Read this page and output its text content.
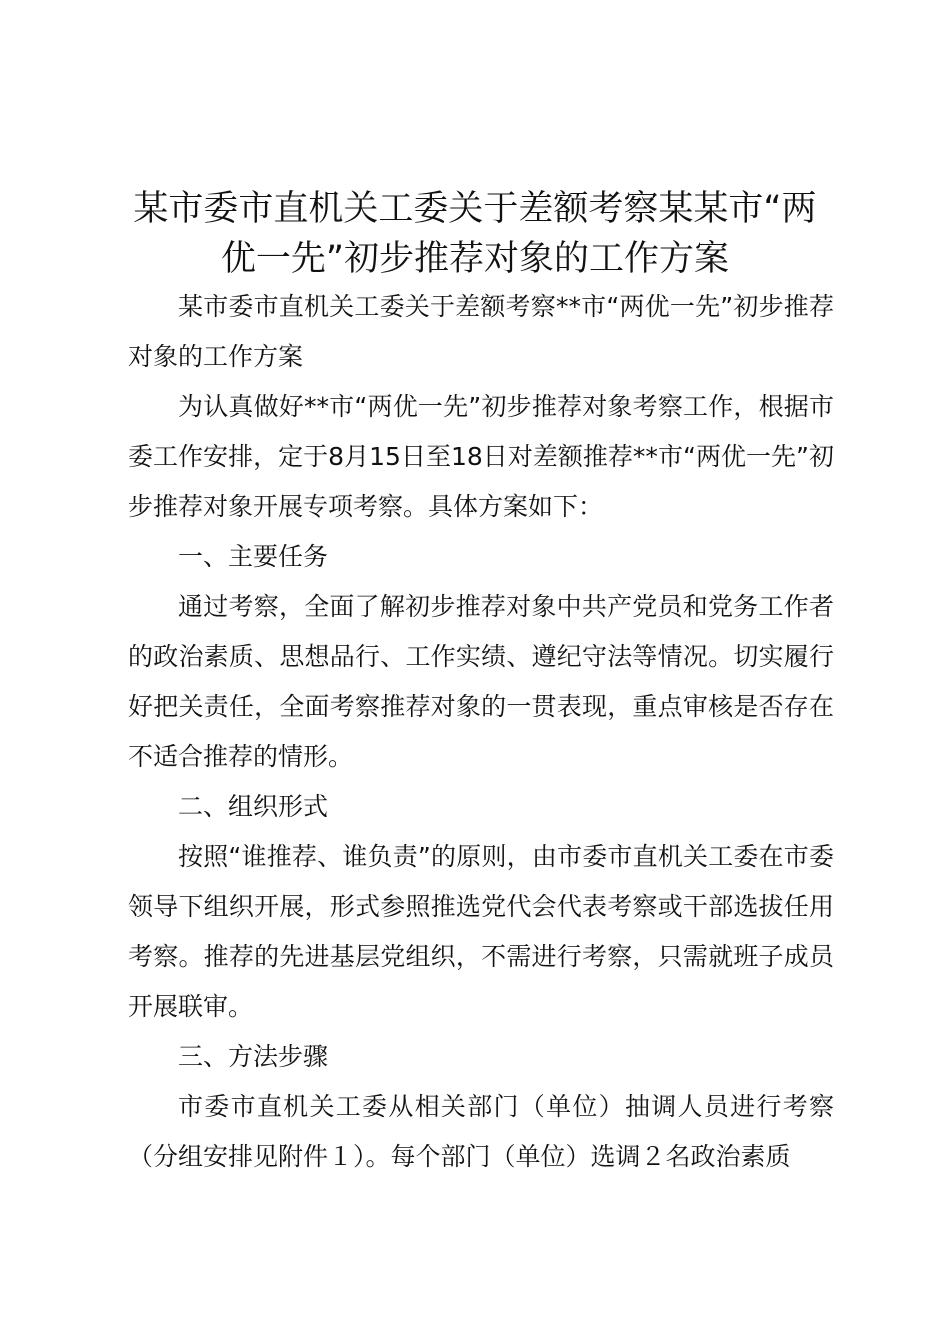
某市委市直机关工委关于差额考察某某市“两优一先”初步推荐对象的工作方案

某市委市直机关工委关于差额考察**市“两优一先”初步推荐对象的工作方案

为认真做好**市“两优一先”初步推荐对象考察工作，根据市委工作安排，定于8月15日至18日对差额推荐**市“两优一先”初步推荐对象开展专项考察。具体方案如下：

一、主要任务

通过考察，全面了解初步推荐对象中共产党员和党务工作者的政治素质、思想品行、工作实绩、遵纪守法等情况。切实履行好把关责任，全面考察推荐对象的一贯表现，重点审核是否存在不适合推荐的情形。

二、组织形式

按照“谁推荐、谁负责”的原则，由市委市直机关工委在市委领导下组织开展，形式参照推选党代会代表考察或干部选拔任用考察。推荐的先进基层党组织，不需进行考察，只需就班子成员开展联审。

三、方法步骤

市委市直机关工委从相关部门（单位）抽调人员进行考察（分组安排见附件１）。每个部门（单位）选调２名政治素质
